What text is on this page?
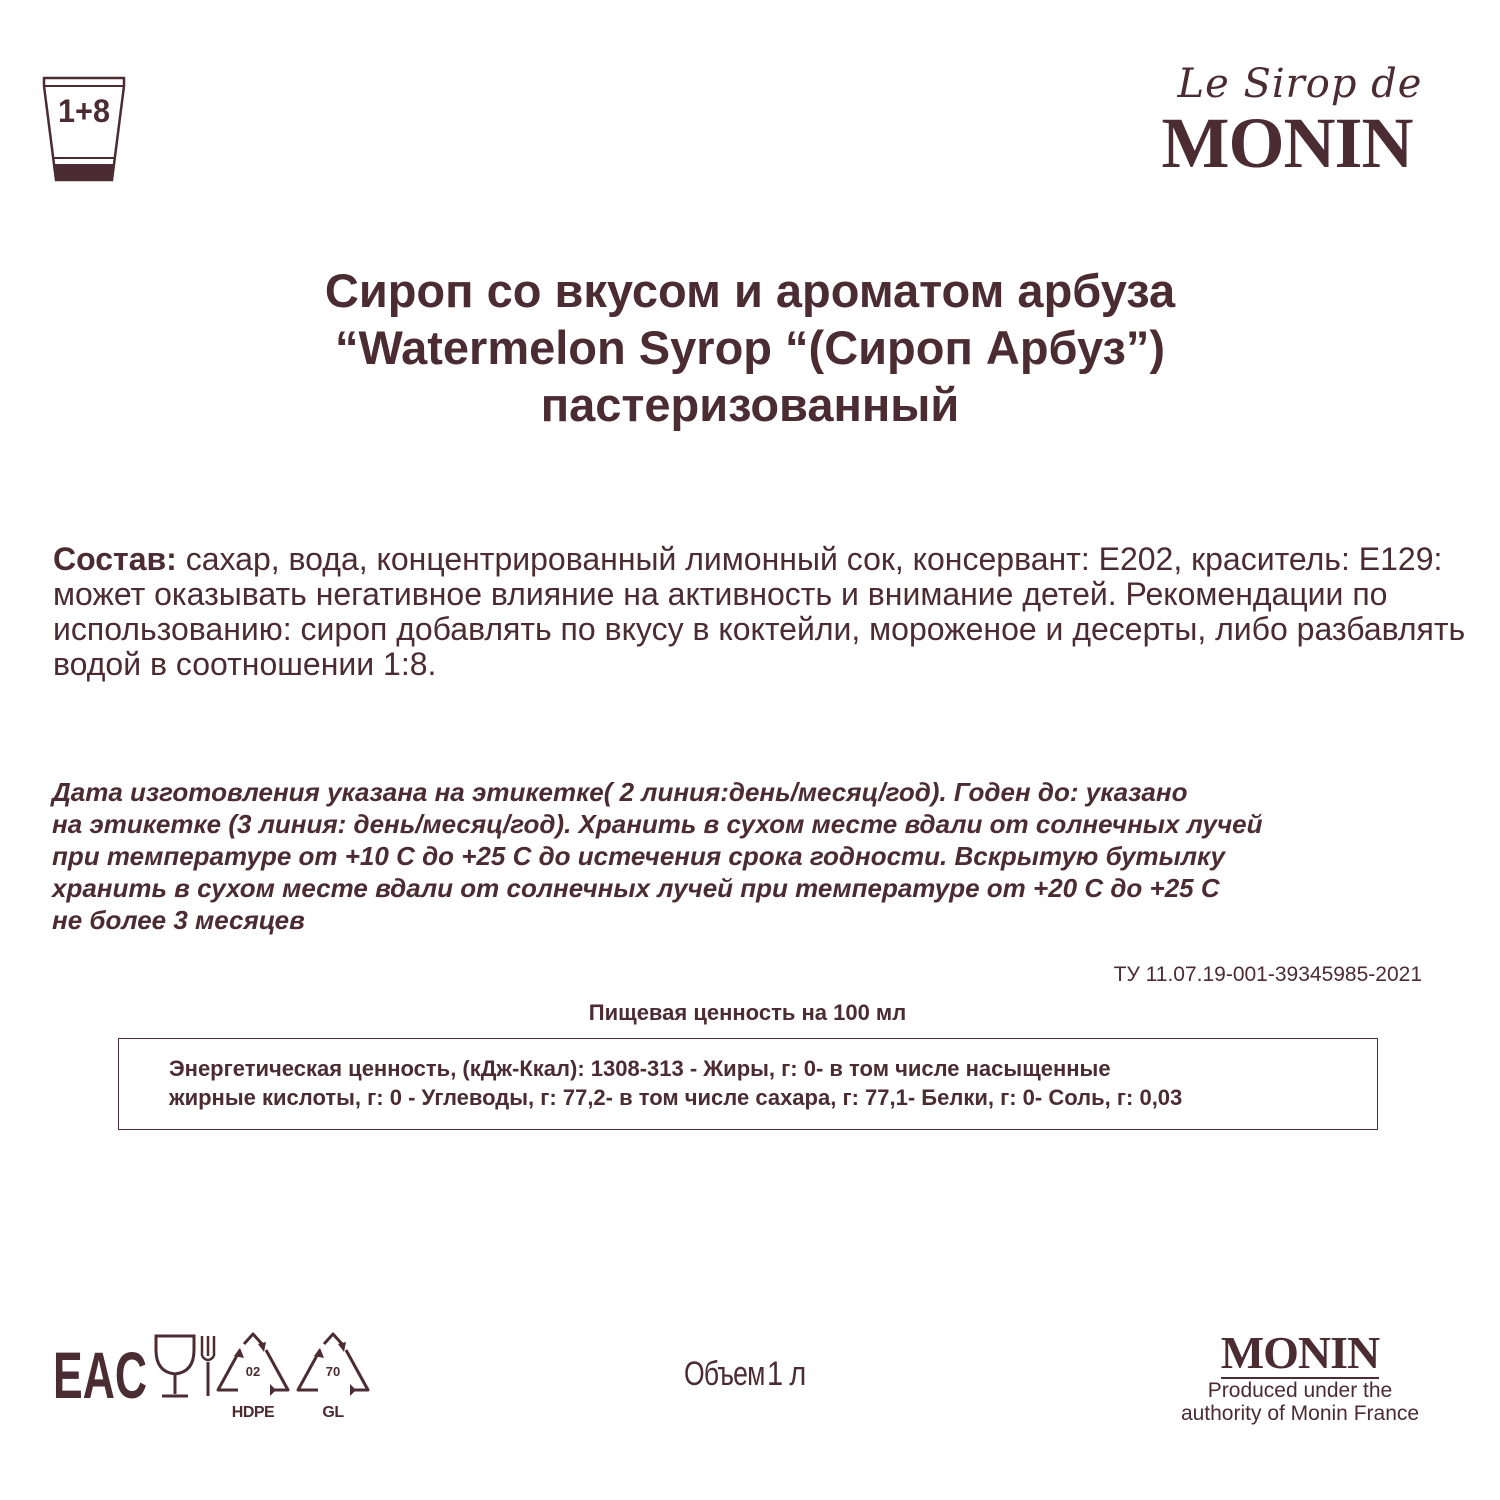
1+8
Le Sirop de
MONIN
Сироп со вкусом и ароматом арбуза
“Watermelon Syrop “(Сироп Арбуз”)
пастеризованный
Состав: сахар, вода, концентрированный лимонный сок, консервант: Е202, краситель: Е129: может оказывать негативное влияние на активность и внимание детей. Рекомендации по использованию: сироп добавлять по вкусу в коктейли, мороженое и десерты, либо разбавлять водой в соотношении 1:8.
Дата изготовления указана на этикетке( 2 линия:день/месяц/год). Годен до: указано
на этикетке (3 линия: день/месяц/год). Хранить в сухом месте вдали от солнечных лучей
при температуре от +10 С до +25 С до истечения срока годности. Вскрытую бутылку
хранить в сухом месте вдали от солнечных лучей при температуре от +20 С до +25 С
не более 3 месяцев
ТУ 11.07.19-001-39345985-2021
Пищевая ценность на 100 мл
Энергетическая ценность, (кДж-Ккал): 1308-313 - Жиры, г: 0- в том числе насыщенные
жирные кислоты, г: 0 - Углеводы, г: 77,2- в том числе сахара, г: 77,1- Белки, г: 0- Соль, г: 0,03
EAC	02
HDPE
70
GL
Объем1 л	MONIN
Produced under the
authority of Monin France
